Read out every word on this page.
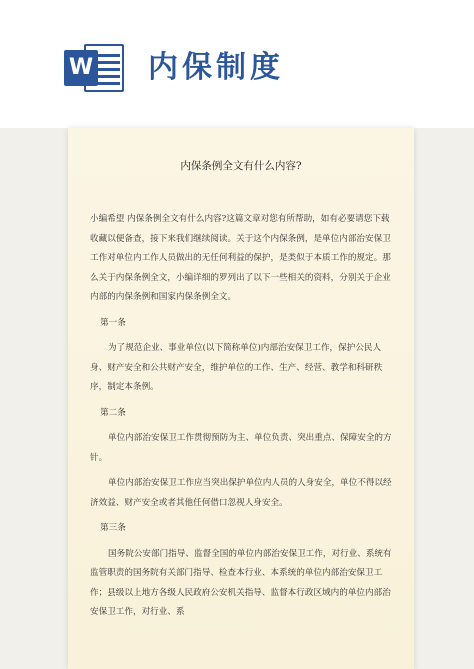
W 内保制度
内保条例全文有什么内容?

小编希望 内保条例全文有什么内容?这篇文章对您有所帮助，如有必要请您下载收藏以便备查，接下来我们继续阅读。关于这个内保条例，是单位内部治安保卫工作对单位内工作人员做出的无任何利益的保护，是类似于本质工作的规定。那么关于内保条例全文，小编详细的罗列出了以下一些相关的资料，分别关于企业内部的内保条例和国家内保条例全文。

第一条

为了规范企业、事业单位(以下简称单位)内部治安保卫工作，保护公民人身、财产安全和公共财产安全，维护单位的工作、生产、经营、教学和科研秩序，制定本条例。

第二条

单位内部治安保卫工作贯彻预防为主、单位负责、突出重点、保障安全的方针。

单位内部治安保卫工作应当突出保护单位内人员的人身安全，单位不得以经济效益、财产安全或者其他任何借口忽视人身安全。

第三条

国务院公安部门指导、监督全国的单位内部治安保卫工作，对行业、系统有监管职责的国务院有关部门指导、检查本行业、本系统的单位内部治安保卫工作；县级以上地方各级人民政府公安机关指导、监督本行政区域内的单位内部治安保卫工作，对行业、系
